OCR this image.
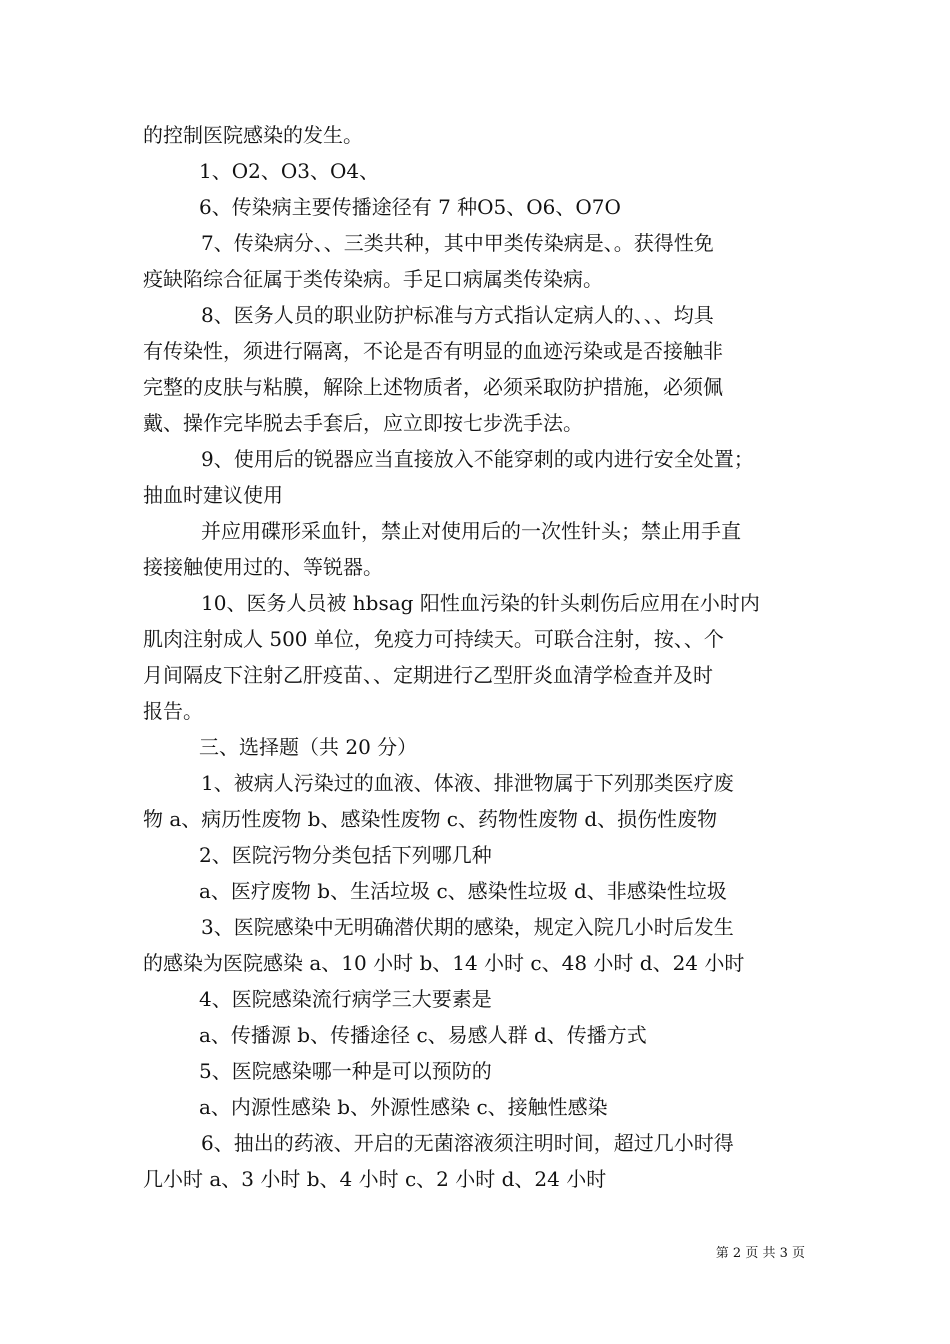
的控制医院感染的发生。
1、O2、O3、O4、
6、传染病主要传播途径有 7 种O5、O6、O7O
7、传染病分、、三类共种，其中甲类传染病是、。获得性免
疫缺陷综合征属于类传染病。手足口病属类传染病。
8、医务人员的职业防护标准与方式指认定病人的、、、均具
有传染性，须进行隔离，不论是否有明显的血迹污染或是否接触非
完整的皮肤与粘膜，解除上述物质者，必须采取防护措施，必须佩
戴、操作完毕脱去手套后，应立即按七步洗手法。
9、使用后的锐器应当直接放入不能穿刺的或内进行安全处置；
抽血时建议使用
并应用碟形采血针，禁止对使用后的一次性针头；禁止用手直
接接触使用过的、等锐器。
10、医务人员被 hbsag 阳性血污染的针头刺伤后应用在小时内
肌肉注射成人 500 单位，免疫力可持续天。可联合注射，按、、个
月间隔皮下注射乙肝疫苗、、定期进行乙型肝炎血清学检查并及时
报告。
三、选择题（共 20 分）
1、被病人污染过的血液、体液、排泄物属于下列那类医疗废
物 a、病历性废物 b、感染性废物 c、药物性废物 d、损伤性废物
2、医院污物分类包括下列哪几种
a、医疗废物 b、生活垃圾 c、感染性垃圾 d、非感染性垃圾
3、医院感染中无明确潜伏期的感染，规定入院几小时后发生
的感染为医院感染 a、10 小时 b、14 小时 c、48 小时 d、24 小时
4、医院感染流行病学三大要素是
a、传播源 b、传播途径 c、易感人群 d、传播方式
5、医院感染哪一种是可以预防的
a、内源性感染 b、外源性感染 c、接触性感染
6、抽出的药液、开启的无菌溶液须注明时间，超过几小时得
几小时 a、3 小时 b、4 小时 c、2 小时 d、24 小时
第 2 页 共 3 页
